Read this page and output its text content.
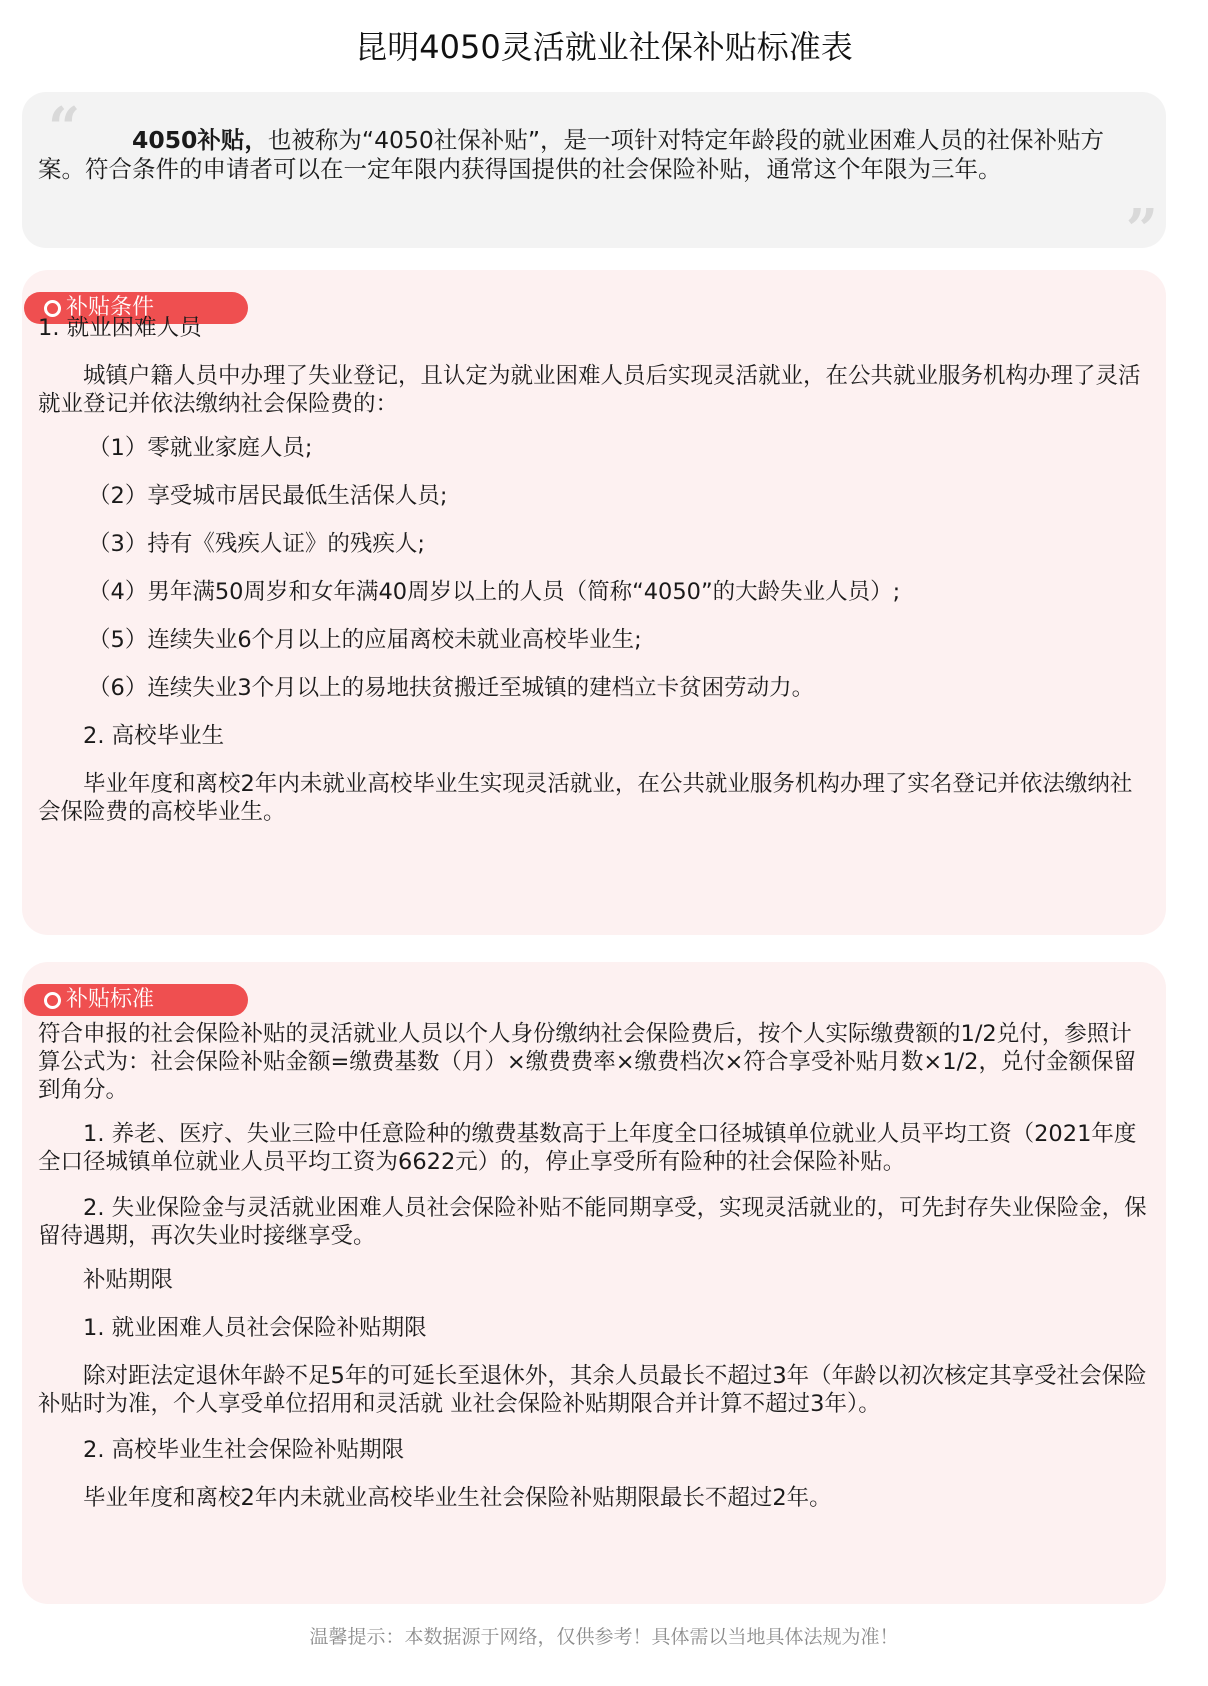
昆明4050灵活就业社保补贴标准表
“	4050补贴，也被称为“4050社保补贴”，是一项针对特定年龄段的就业困难人员的社保补贴方案。符合条件的申请者可以在一定年限内获得国提供的社会保险补贴，通常这个年限为三年。

”
补贴条件

1. 就业困难人员

城镇户籍人员中办理了失业登记，且认定为就业困难人员后实现灵活就业，在公共就业服务机构办理了灵活就业登记并依法缴纳社会保险费的：

（1）零就业家庭人员;

（2）享受城市居民最低生活保人员;

（3）持有《残疾人证》的残疾人;

（4）男年满50周岁和女年满40周岁以上的人员（简称“4050”的大龄失业人员）;

（5）连续失业6个月以上的应届离校未就业高校毕业生;

（6）连续失业3个月以上的易地扶贫搬迁至城镇的建档立卡贫困劳动力。

2. 高校毕业生

毕业年度和离校2年内未就业高校毕业生实现灵活就业，在公共就业服务机构办理了实名登记并依法缴纳社会保险费的高校毕业生。

补贴标准

符合申报的社会保险补贴的灵活就业人员以个人身份缴纳社会保险费后，按个人实际缴费额的1/2兑付，参照计算公式为：社会保险补贴金额=缴费基数（月）×缴费费率×缴费档次×符合享受补贴月数×1/2，兑付金额保留到角分。

1. 养老、医疗、失业三险中任意险种的缴费基数高于上年度全口径城镇单位就业人员平均工资（2021年度全口径城镇单位就业人员平均工资为6622元）的，停止享受所有险种的社会保险补贴。

2. 失业保险金与灵活就业困难人员社会保险补贴不能同期享受，实现灵活就业的，可先封存失业保险金，保留待遇期，再次失业时接继享受。

补贴期限

1. 就业困难人员社会保险补贴期限

除对距法定退休年龄不足5年的可延长至退休外，其余人员最长不超过3年（年龄以初次核定其享受社会保险补贴时为准，个人享受单位招用和灵活就 业社会保险补贴期限合并计算不超过3年）。

2. 高校毕业生社会保险补贴期限

毕业年度和离校2年内未就业高校毕业生社会保险补贴期限最长不超过2年。

温馨提示：本数据源于网络，仅供参考！具体需以当地具体法规为准！
